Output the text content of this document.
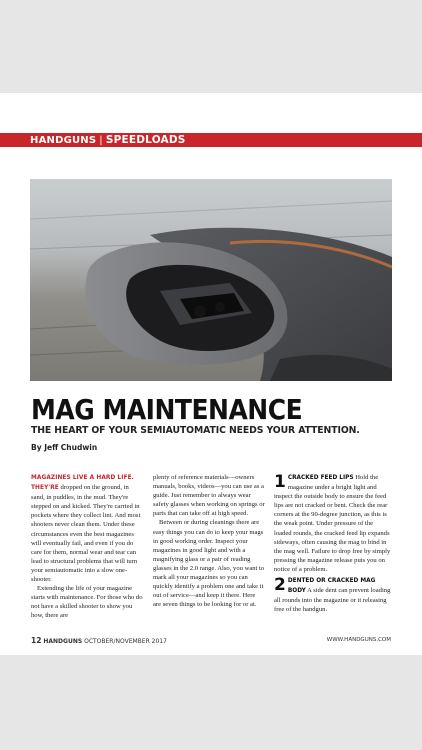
HANDGUNS | SPEEDLOADS
MAG MAINTENANCE
THE HEART OF YOUR SEMIAUTOMATIC NEEDS YOUR ATTENTION.
By Jeff Chudwin

MAGAZINES LIVE A HARD LIFE. THEY'RE dropped on the ground, in sand, in puddles, in the mud. They're stepped on and kicked. They're carried in pockets where they collect lint. And most shooters never clean them. Under these circumstances even the best magazines will eventually fail, and even if you do care for them, normal wear and tear can lead to structural problems that will turn your semiautomatic into a slow one-shooter.

Extending the life of your magazine starts with maintenance. For those who do not have a skilled shooter to show you how, there are

plenty of reference materials—owners manuals, books, videos—you can use as a guide. Just remember to always wear safety glasses when working on springs or parts that can take off at high speed.

Between or during cleanings there are easy things you can do to keep your mags in good working order. Inspect your magazines in good light and with a magnifying glass or a pair of reading glasses in the 2.0 range. Also, you want to mark all your magazines so you can quickly identify a problem one and take it out of service—and keep it there. Here are seven things to be looking for or at.

1 CRACKED FEED LIPS Hold the magazine under a bright light and inspect the outside body to ensure the feed lips are not cracked or bent. Check the rear corners at the 90-degree junction, as this is the weak point. Under pressure of the loaded rounds, the cracked feed lip expands sideways, often causing the mag to bind in the mag well. Failure to drop free by simply pressing the magazine release puts you on notice of a problem.
2 DENTED OR CRACKED MAG BODY A side dent can prevent loading all rounds into the magazine or it releasing free of the handgun.
12 HANDGUNS OCTOBER/NOVEMBER 2017	WWW.HANDGUNS.COM
